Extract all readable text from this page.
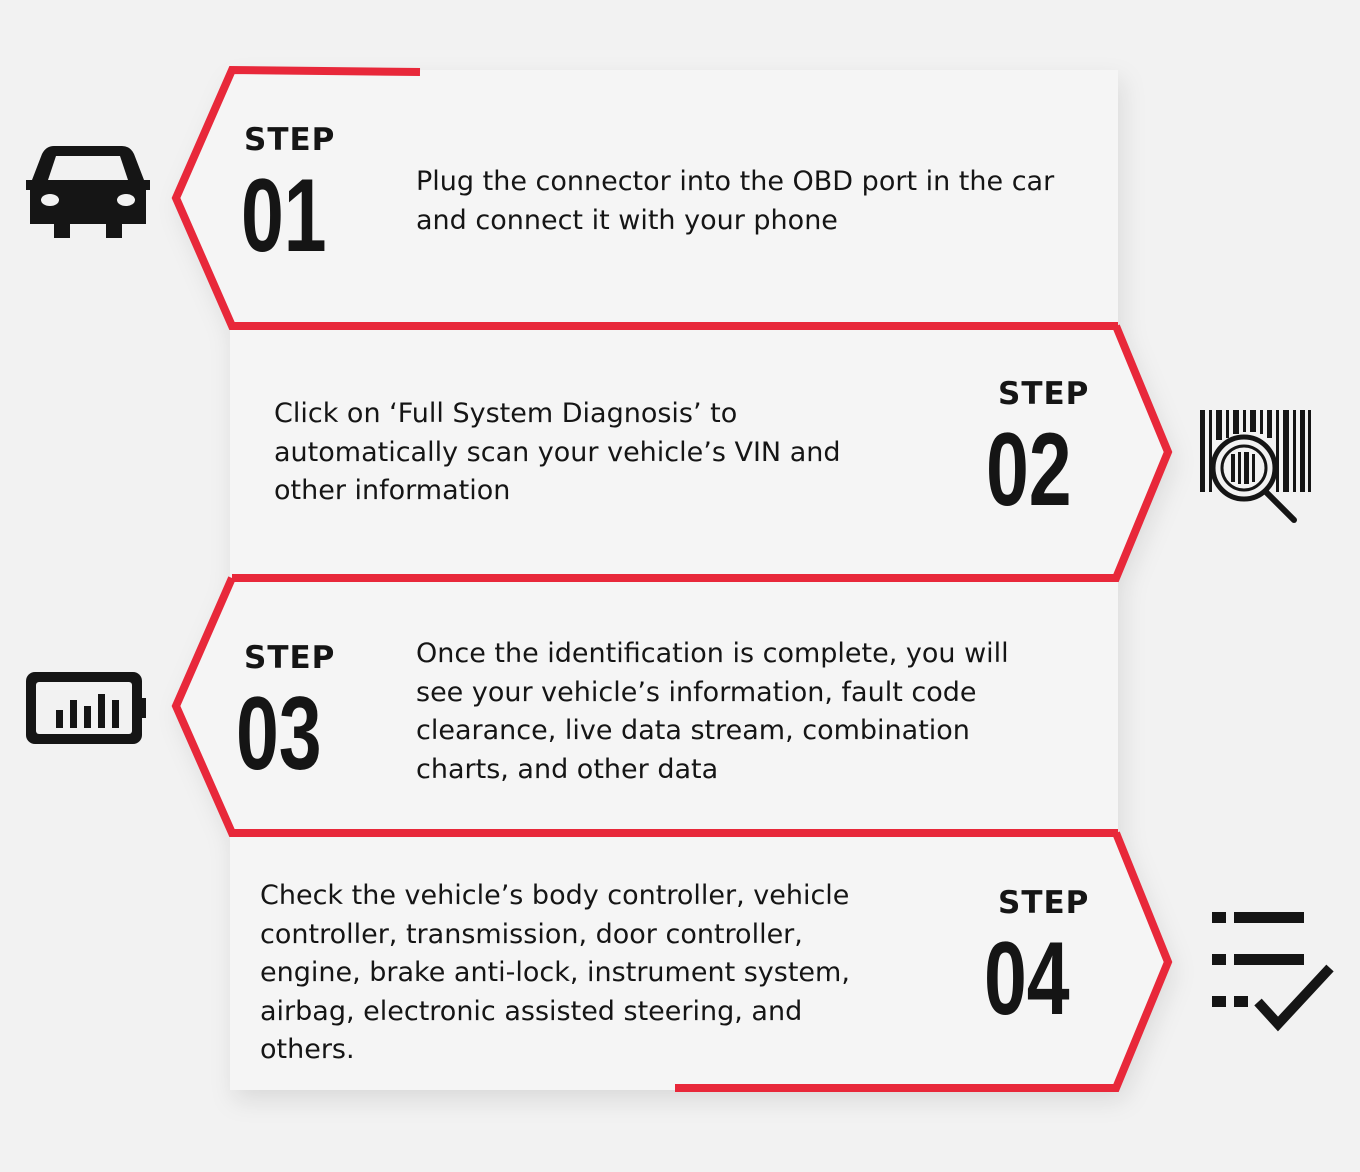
STEP
01	Plug the connector into the OBD port in the car
and connect it with your phone
Click on ‘Full System Diagnosis’ to
automatically scan your vehicle’s VIN and
other information
STEP
02
STEP
03
Once the identification is complete, you will
see your vehicle’s information, fault code
clearance, live data stream, combination
charts, and other data
Check the vehicle’s body controller, vehicle
controller, transmission, door controller,
engine, brake anti-lock, instrument system,
airbag, electronic assisted steering, and
others.
STEP
04
